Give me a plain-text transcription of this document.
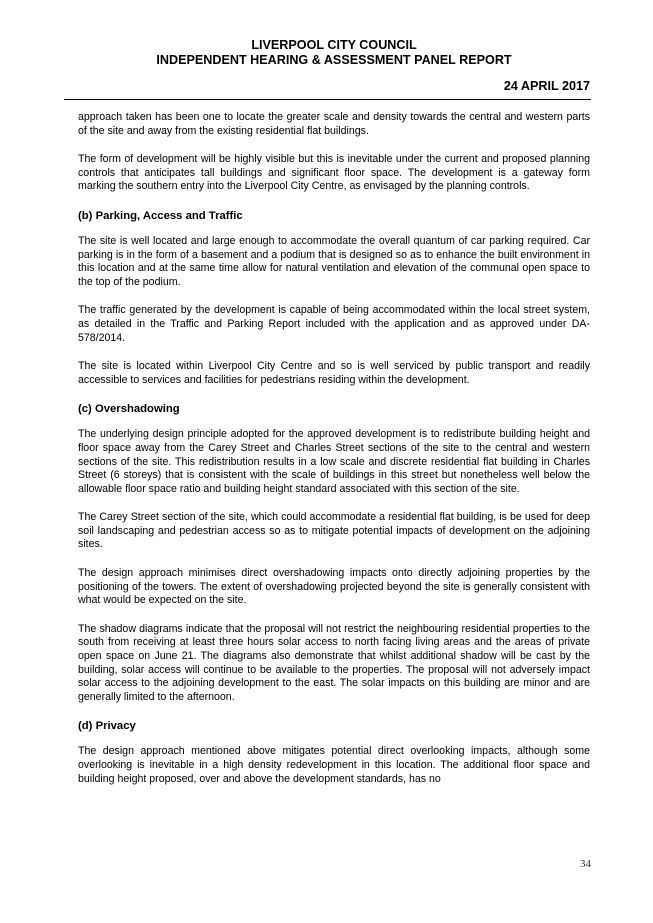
LIVERPOOL CITY COUNCIL
INDEPENDENT HEARING & ASSESSMENT PANEL REPORT
24 APRIL 2017

approach taken has been one to locate the greater scale and density towards the central and western parts of the site and away from the existing residential flat buildings.

The form of development will be highly visible but this is inevitable under the current and proposed planning controls that anticipates tall buildings and significant floor space. The development is a gateway form marking the southern entry into the Liverpool City Centre, as envisaged by the planning controls.

(b) Parking, Access and Traffic

The site is well located and large enough to accommodate the overall quantum of car parking required. Car parking is in the form of a basement and a podium that is designed so as to enhance the built environment in this location and at the same time allow for natural ventilation and elevation of the communal open space to the top of the podium.

The traffic generated by the development is capable of being accommodated within the local street system, as detailed in the Traffic and Parking Report included with the application and as approved under DA-578/2014.

The site is located within Liverpool City Centre and so is well serviced by public transport and readily accessible to services and facilities for pedestrians residing within the development.

(c) Overshadowing

The underlying design principle adopted for the approved development is to redistribute building height and floor space away from the Carey Street and Charles Street sections of the site to the central and western sections of the site. This redistribution results in a low scale and discrete residential flat building in Charles Street (6 storeys) that is consistent with the scale of buildings in this street but nonetheless well below the allowable floor space ratio and building height standard associated with this section of the site.

The Carey Street section of the site, which could accommodate a residential flat building, is be used for deep soil landscaping and pedestrian access so as to mitigate potential impacts of development on the adjoining sites.

The design approach minimises direct overshadowing impacts onto directly adjoining properties by the positioning of the towers. The extent of overshadowing projected beyond the site is generally consistent with what would be expected on the site.

The shadow diagrams indicate that the proposal will not restrict the neighbouring residential properties to the south from receiving at least three hours solar access to north facing living areas and the areas of private open space on June 21. The diagrams also demonstrate that whilst additional shadow will be cast by the building, solar access will continue to be available to the properties. The proposal will not adversely impact solar access to the adjoining development to the east. The solar impacts on this building are minor and are generally limited to the afternoon.

(d) Privacy

The design approach mentioned above mitigates potential direct overlooking impacts, although some overlooking is inevitable in a high density redevelopment in this location. The additional floor space and building height proposed, over and above the development standards, has no

34
